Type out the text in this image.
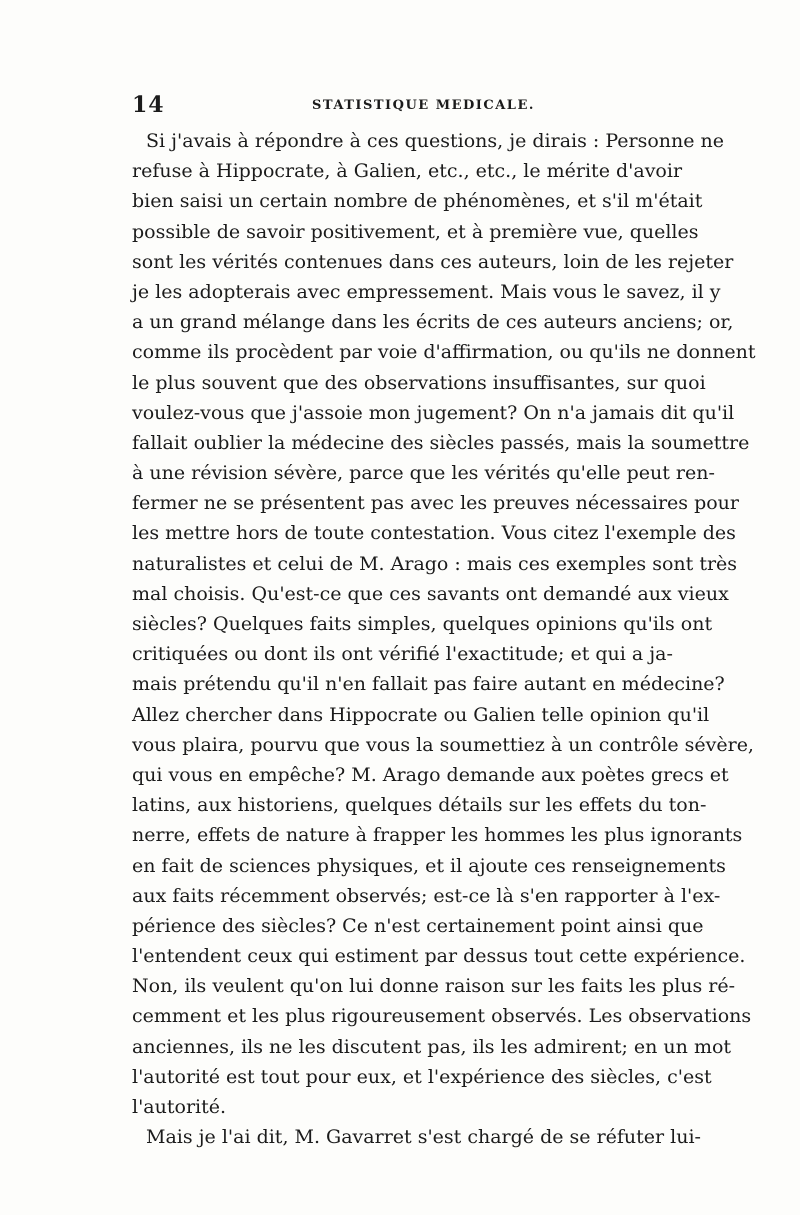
14	STATISTIQUE MEDICALE.
Si j'avais à répondre à ces questions, je dirais : Personne ne
refuse à Hippocrate, à Galien, etc., etc., le mérite d'avoir
bien saisi un certain nombre de phénomènes, et s'il m'était
possible de savoir positivement, et à première vue, quelles
sont les vérités contenues dans ces auteurs, loin de les rejeter
je les adopterais avec empressement. Mais vous le savez, il y
a un grand mélange dans les écrits de ces auteurs anciens; or,
comme ils procèdent par voie d'affirmation, ou qu'ils ne donnent
le plus souvent que des observations insuffisantes, sur quoi
voulez-vous que j'assoie mon jugement? On n'a jamais dit qu'il
fallait oublier la médecine des siècles passés, mais la soumettre
à une révision sévère, parce que les vérités qu'elle peut ren-
fermer ne se présentent pas avec les preuves nécessaires pour
les mettre hors de toute contestation. Vous citez l'exemple des
naturalistes et celui de M. Arago : mais ces exemples sont très
mal choisis. Qu'est-ce que ces savants ont demandé aux vieux
siècles? Quelques faits simples, quelques opinions qu'ils ont
critiquées ou dont ils ont vérifié l'exactitude; et qui a ja-
mais prétendu qu'il n'en fallait pas faire autant en médecine?
Allez chercher dans Hippocrate ou Galien telle opinion qu'il
vous plaira, pourvu que vous la soumettiez à un contrôle sévère,
qui vous en empêche? M. Arago demande aux poètes grecs et
latins, aux historiens, quelques détails sur les effets du ton-
nerre, effets de nature à frapper les hommes les plus ignorants
en fait de sciences physiques, et il ajoute ces renseignements
aux faits récemment observés; est-ce là s'en rapporter à l'ex-
périence des siècles? Ce n'est certainement point ainsi que
l'entendent ceux qui estiment par dessus tout cette expérience.
Non, ils veulent qu'on lui donne raison sur les faits les plus ré-
cemment et les plus rigoureusement observés. Les observations
anciennes, ils ne les discutent pas, ils les admirent; en un mot
l'autorité est tout pour eux, et l'expérience des siècles, c'est
l'autorité.
Mais je l'ai dit, M. Gavarret s'est chargé de se réfuter lui-
